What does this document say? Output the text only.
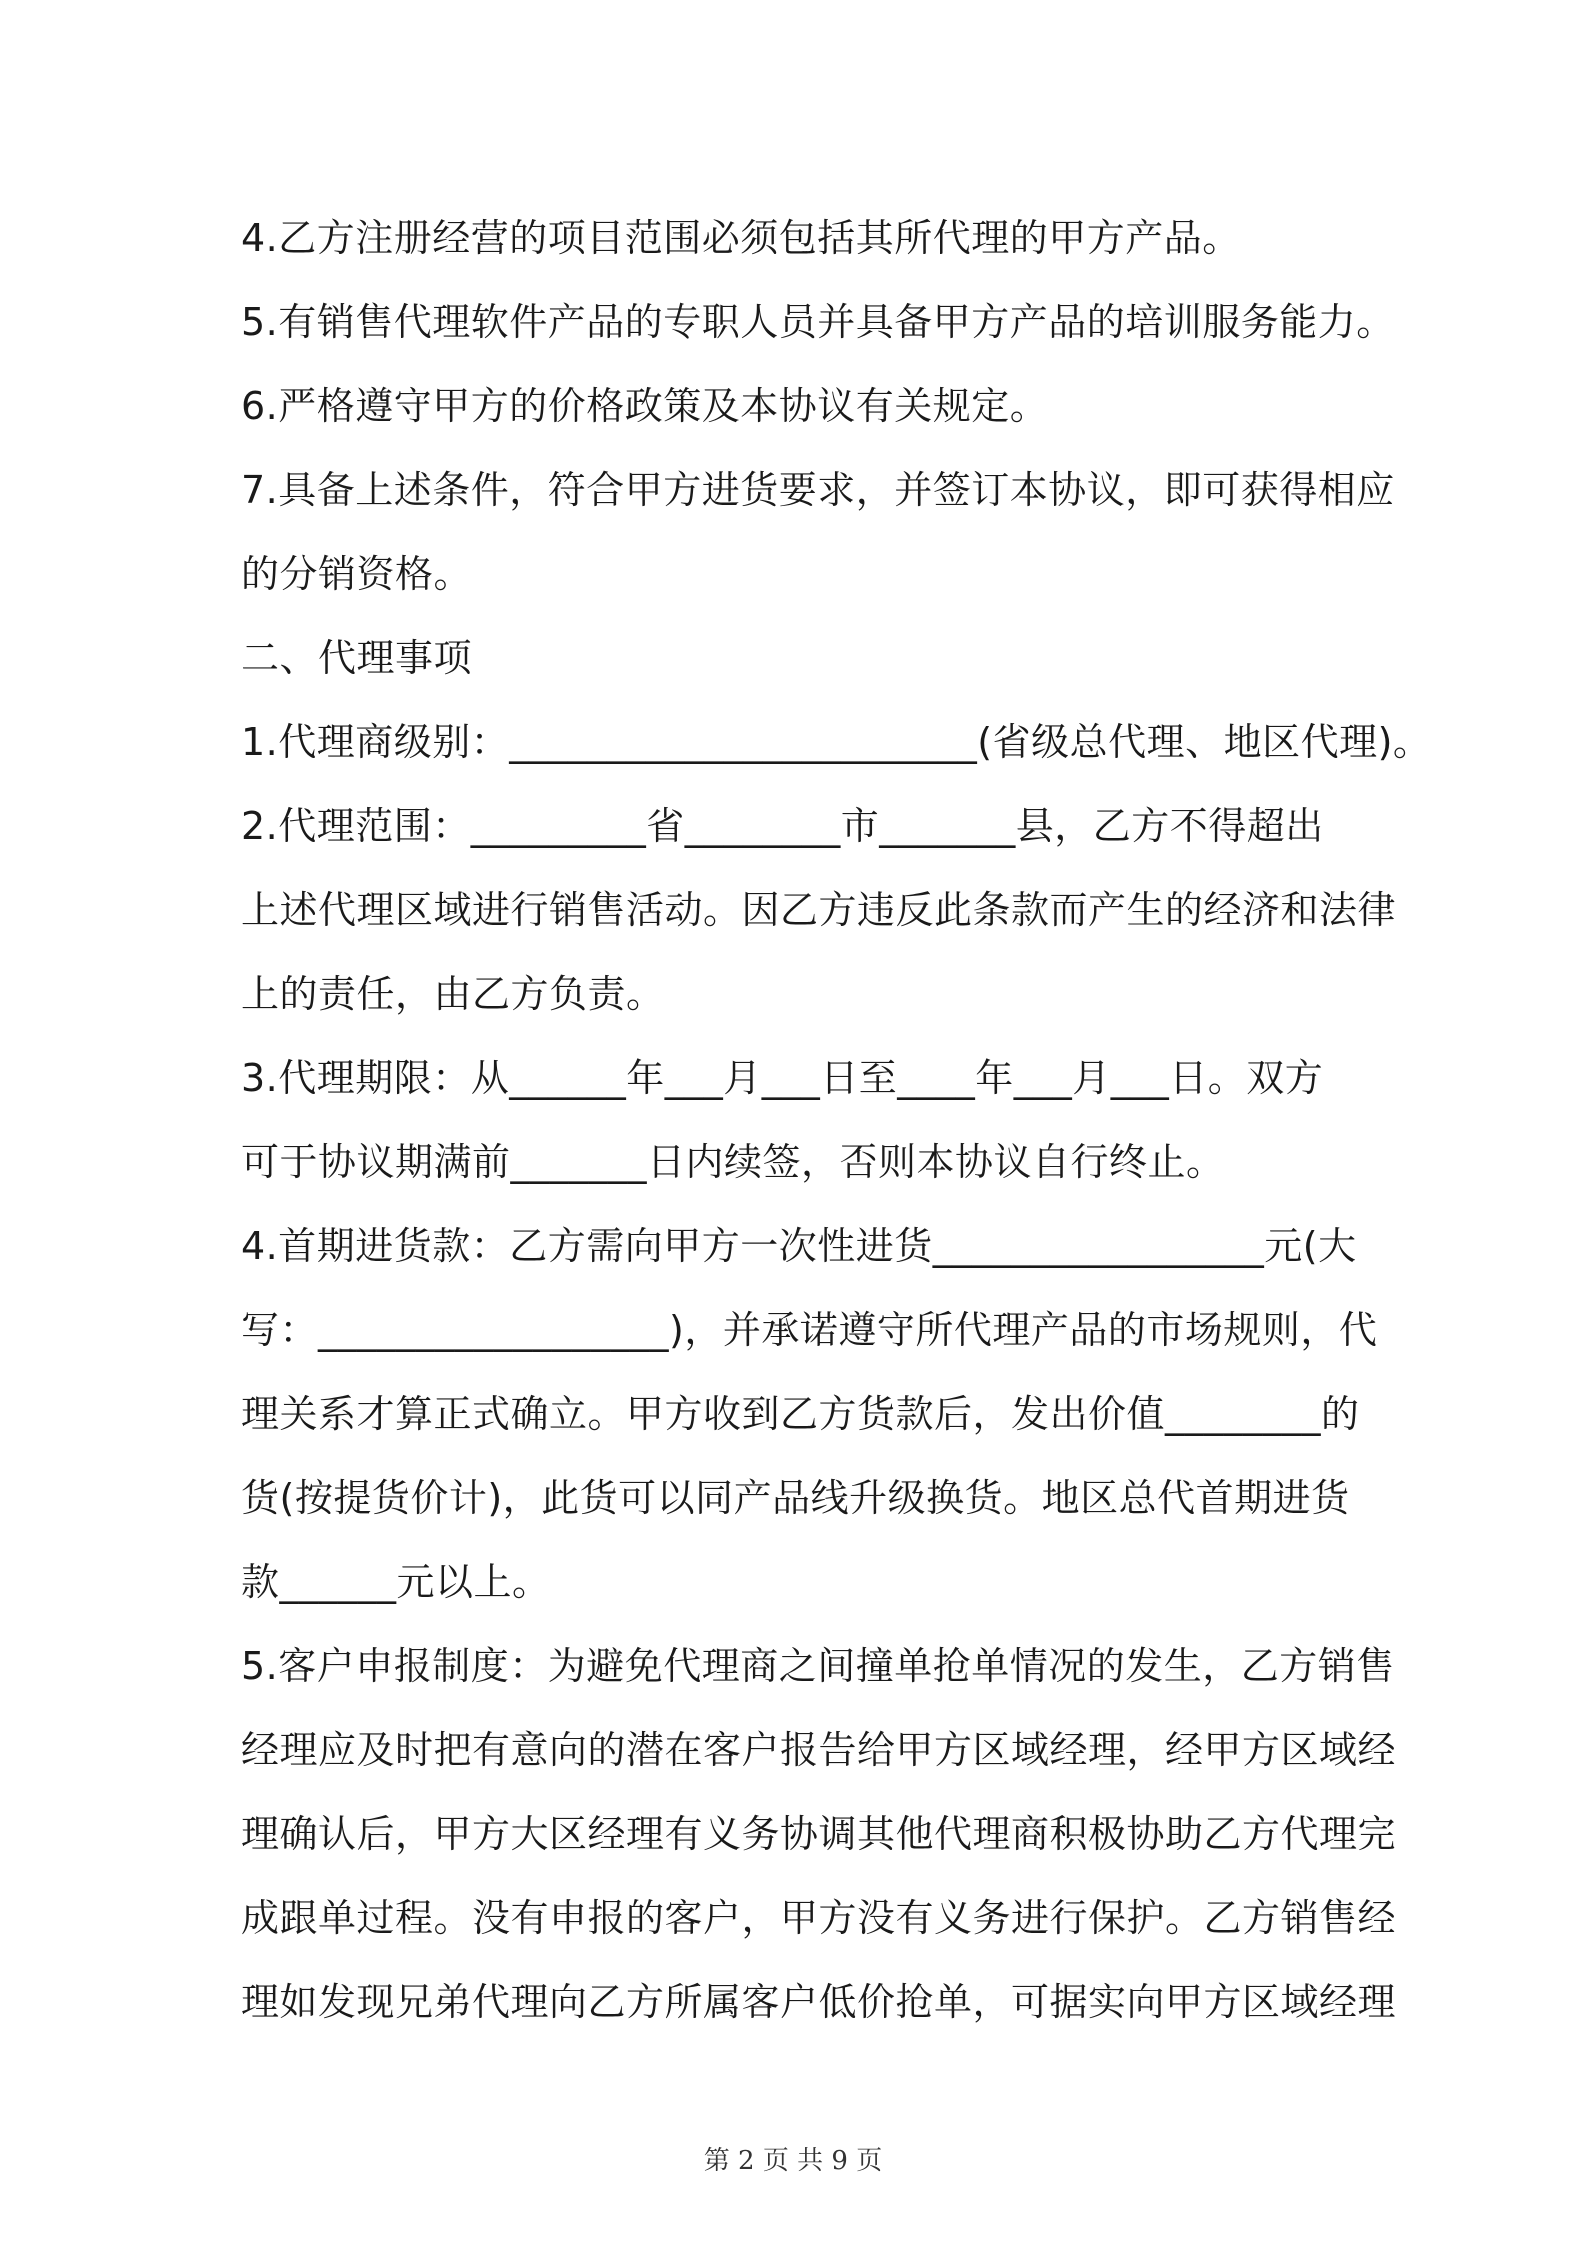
4.乙方注册经营的项目范围必须包括其所代理的甲方产品。
5.有销售代理软件产品的专职人员并具备甲方产品的培训服务能力。
6.严格遵守甲方的价格政策及本协议有关规定。
7.具备上述条件，符合甲方进货要求，并签订本协议，即可获得相应
的分销资格。
二、代理事项
1.代理商级别：________________________(省级总代理、地区代理)。
2.代理范围：_________省________市_______县，乙方不得超出
上述代理区域进行销售活动。因乙方违反此条款而产生的经济和法律
上的责任，由乙方负责。
3.代理期限：从______年___月___日至____年___月___日。双方
可于协议期满前_______日内续签，否则本协议自行终止。
4.首期进货款：乙方需向甲方一次性进货_________________元(大
写：__________________)，并承诺遵守所代理产品的市场规则，代
理关系才算正式确立。甲方收到乙方货款后，发出价值________的
货(按提货价计)，此货可以同产品线升级换货。地区总代首期进货
款______元以上。
5.客户申报制度：为避免代理商之间撞单抢单情况的发生，乙方销售
经理应及时把有意向的潜在客户报告给甲方区域经理，经甲方区域经
理确认后，甲方大区经理有义务协调其他代理商积极协助乙方代理完
成跟单过程。没有申报的客户，甲方没有义务进行保护。乙方销售经
理如发现兄弟代理向乙方所属客户低价抢单，可据实向甲方区域经理
第 2 页 共 9 页
